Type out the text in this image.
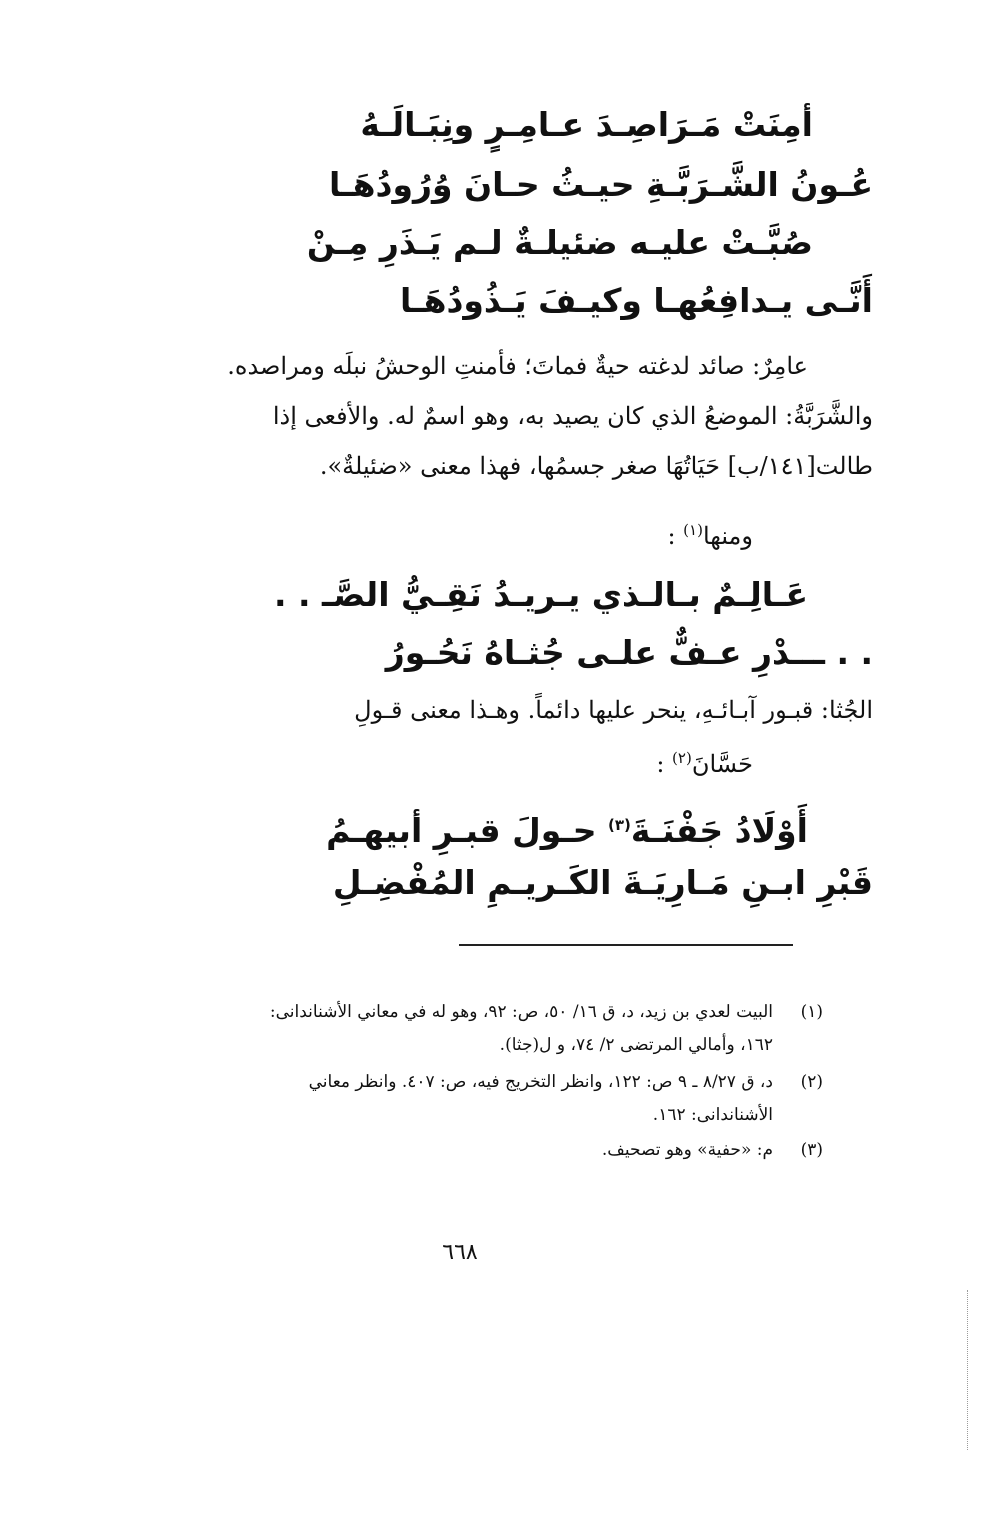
أمِنَتْ مَـرَاصِـدَ عـامِـرٍ ونِبَـالَـهُ
عُـونُ الشَّـرَبَّـةِ حيـثُ حـانَ وُرُودُهَـا
صُبَّـتْ عليـه ضئيلـةٌ لـم يَـذَرِ مِـنْ
أَنَّـى يـدافِعُهـا وكيـفَ يَـذُودُهَـا
عامِرٌ: صائد لدغته حيةٌ فماتَ؛ فأمنتِ الوحشُ نبلَه ومراصده.
والشَّرَبَّةُ: الموضعُ الذي كان يصيد به، وهو اسمٌ له. والأفعى إذا
طالت[١٤١/ب] حَيَاتُهَا صغر جسمُها، فهذا معنى «ضئيلةٌ».
ومنها$^{(١)}$ :
عَـالِـمٌ بـالـذي يـريـدُ نَقِـيُّ الصَّـ . .
. . ـــدْرِ عـفٌّ علـى جُثـاهُ نَحُـورُ
الجُثا: قبـور آبـائـهِ، ينحر عليها دائماً. وهـذا معنى قـولِ
حَسَّانَ$^{(٢)}$ :
أَوْلَادُ جَفْنَـةَ$^{(٣)}$ حـولَ قبـرِ أبيهـمُ
قَبْرِ ابـنِ مَـارِيَـةَ الكَـريـمِ المُفْضِـلِ
(١)
البيت لعدي بن زيد، د، ق ١٦/ ٥٠، ص: ٩٢، وهو له في معاني الأشناندانى:
١٦٢، وأمالي المرتضى ٢/ ٧٤، و ل(جثا).
(٢)
د، ق ٨/٢٧ ـ ٩ ص: ١٢٢، وانظر التخريج فيه، ص: ٤٠٧. وانظر معاني
الأشناندانى: ١٦٢.
(٣)
م: «حفية» وهو تصحيف.
٦٦٨
